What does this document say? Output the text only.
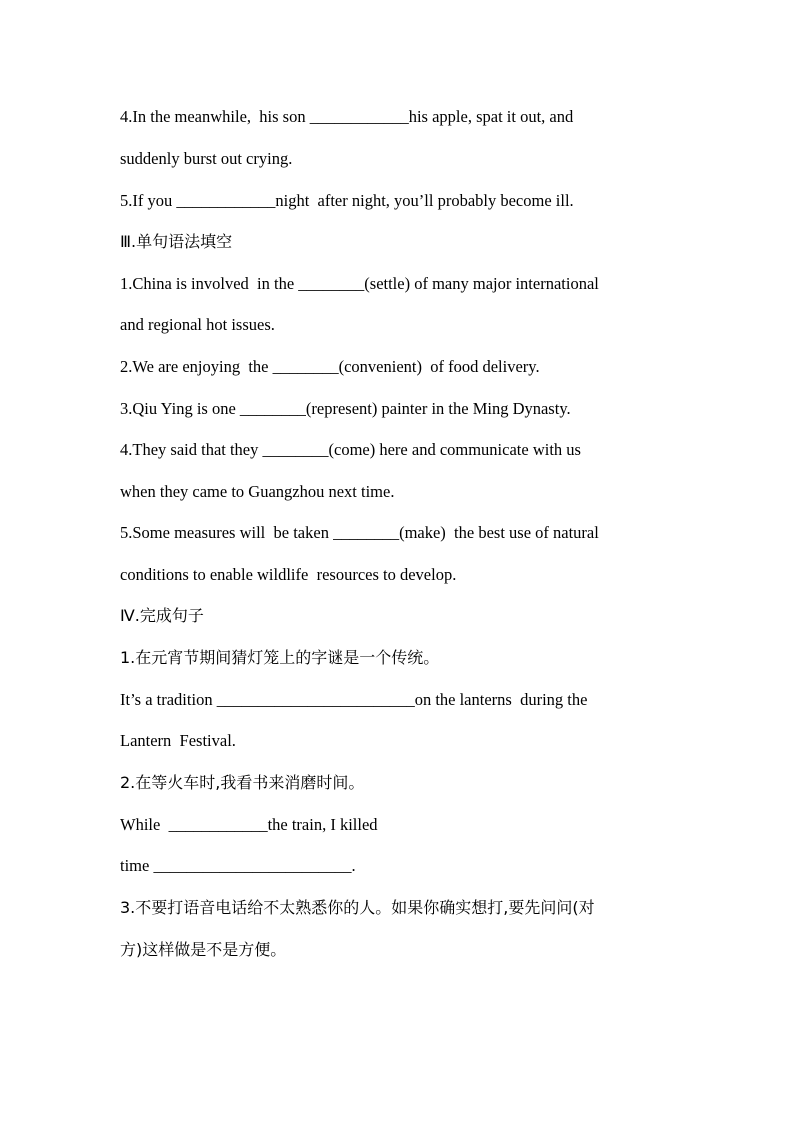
4.In the meanwhile,  his son ____________his apple, spat it out, and
suddenly burst out crying.
5.If you ____________night  after night, you’ll probably become ill.
Ⅲ.单句语法填空
1.China is involved  in the ________(settle) of many major international
and regional hot issues.
2.We are enjoying  the ________(convenient)  of food delivery.
3.Qiu Ying is one ________(represent) painter in the Ming Dynasty.
4.They said that they ________(come) here and communicate with us
when they came to Guangzhou next time.
5.Some measures will  be taken ________(make)  the best use of natural
conditions to enable wildlife  resources to develop.
Ⅳ.完成句子
1.在元宵节期间猜灯笼上的字谜是一个传统。
It’s a tradition ________________________on the lanterns  during the
Lantern  Festival.
2.在等火车时,我看书来消磨时间。
While  ____________the train, I killed
time ________________________.
3.不要打语音电话给不太熟悉你的人。如果你确实想打,要先问问(对
方)这样做是不是方便。
